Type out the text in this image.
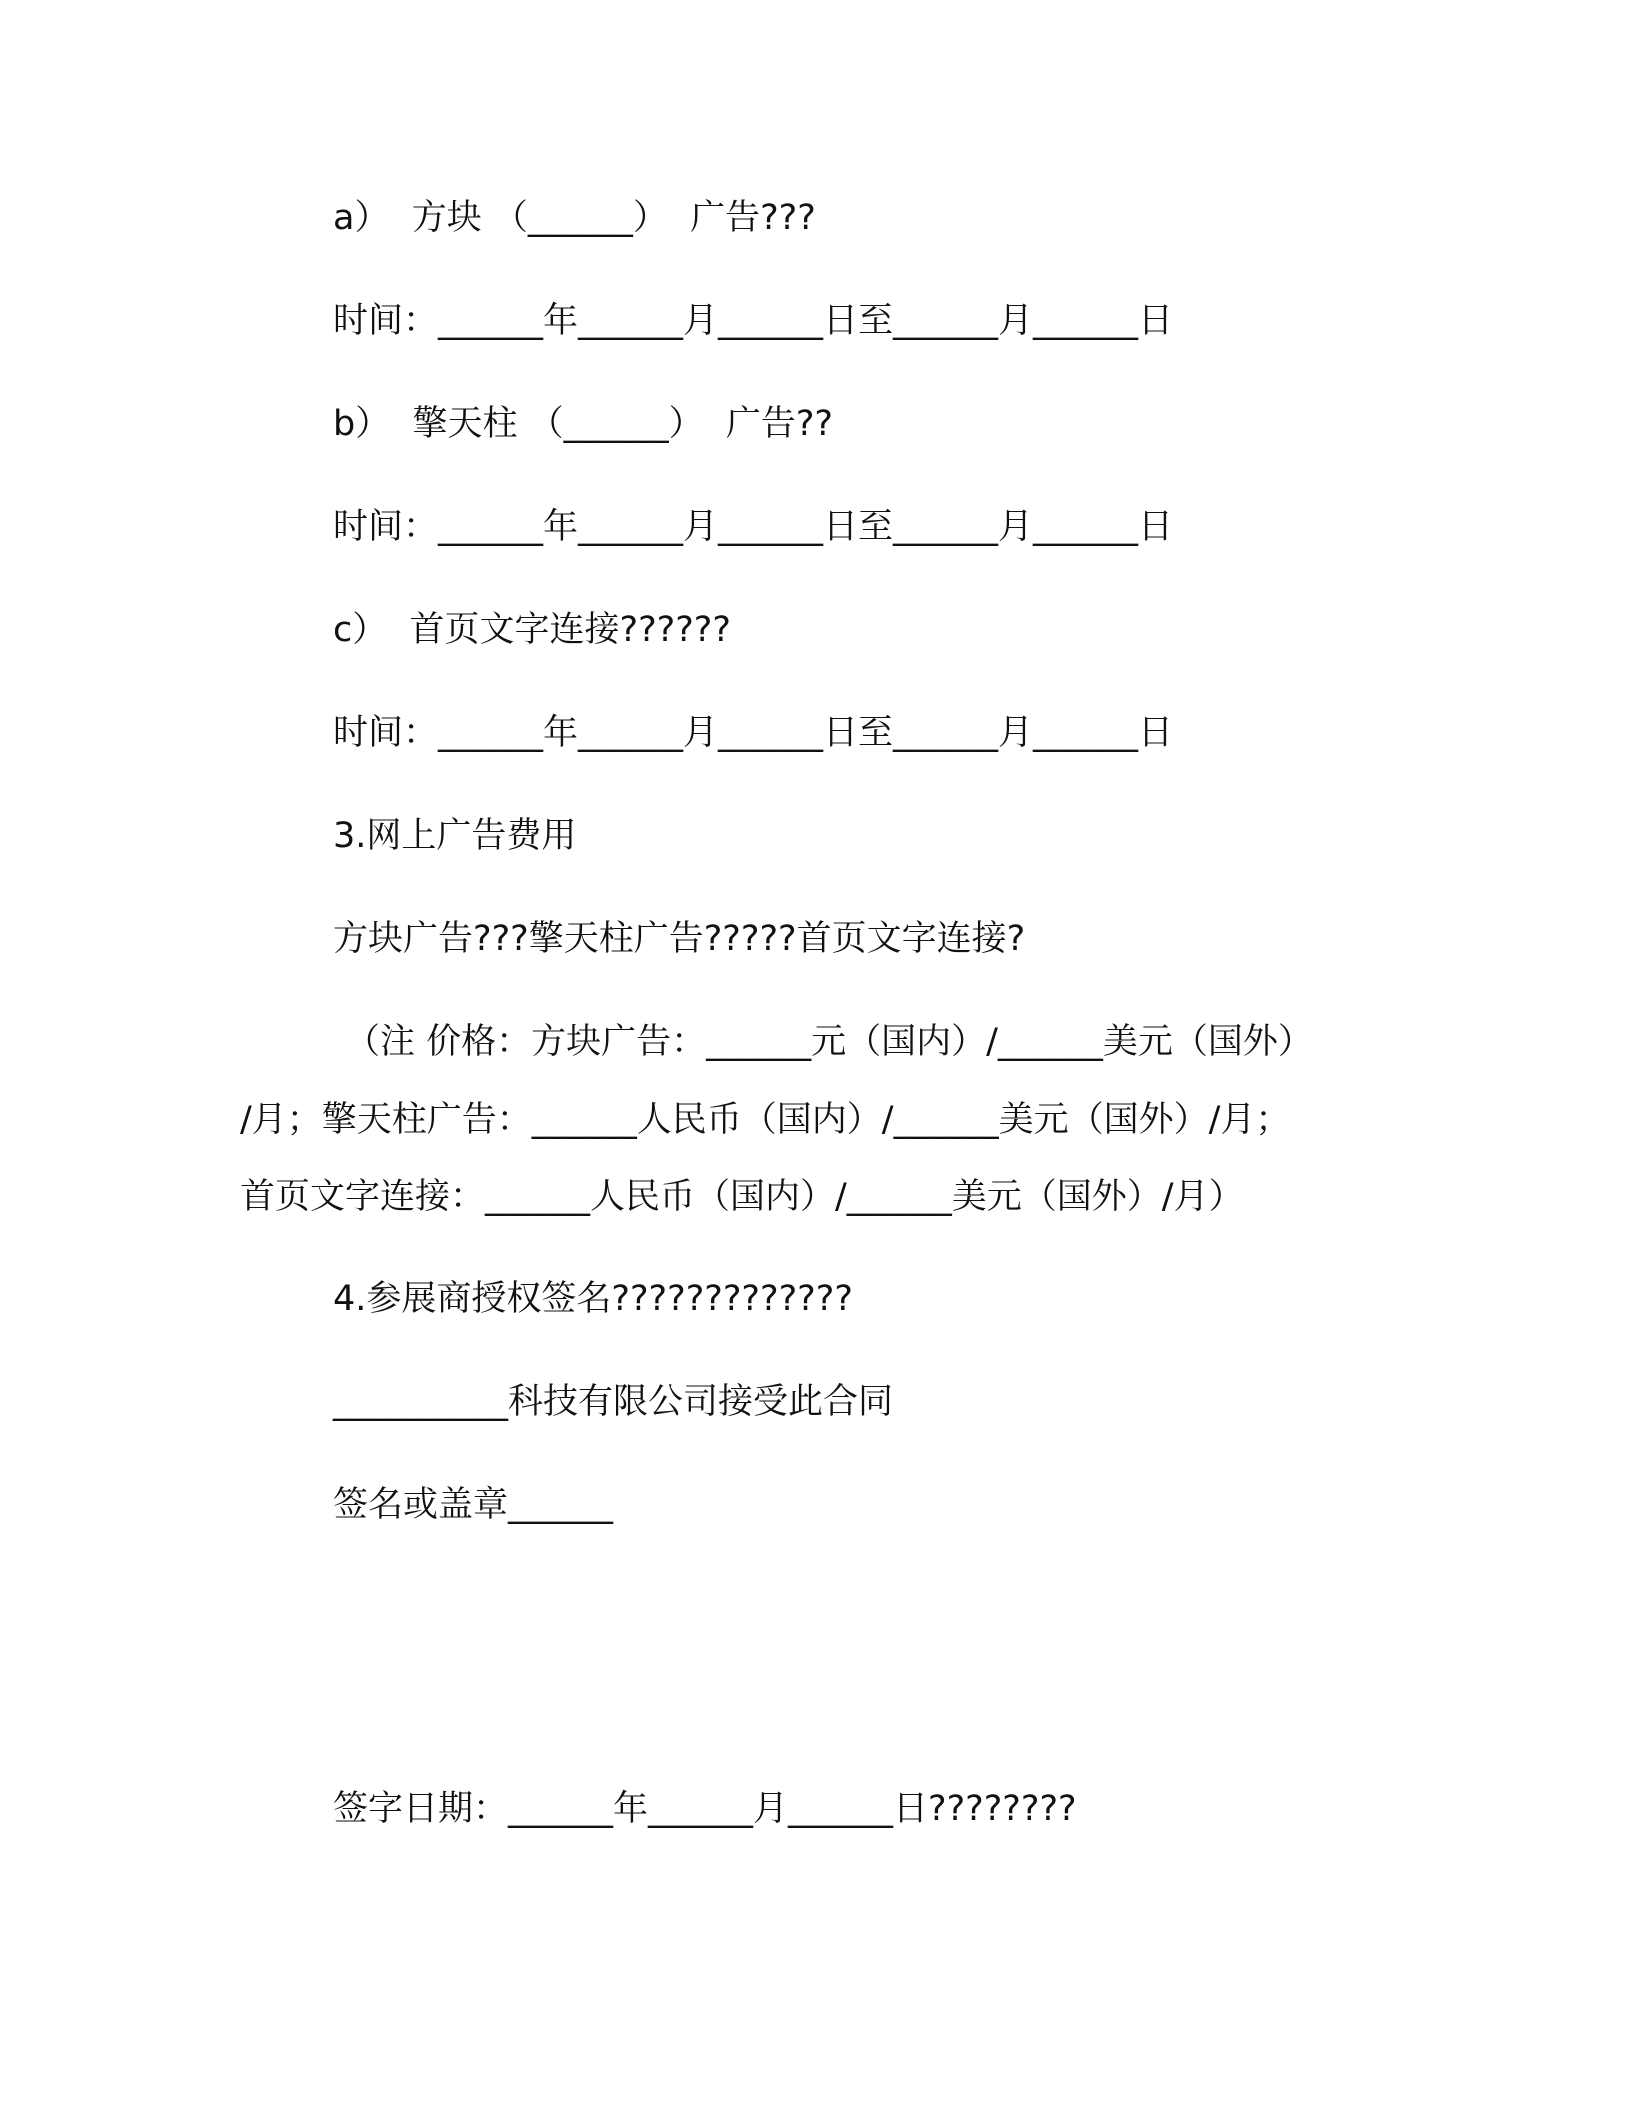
a）  方块 （______）  广告???
时间：______年______月______日至______月______日
b）  擎天柱 （______）  广告??
时间：______年______月______日至______月______日
c）  首页文字连接??????
时间：______年______月______日至______月______日
3.网上广告费用
方块广告???擎天柱广告?????首页文字连接?
（注 价格：方块广告：______元（国内）/______美元（国外）
/月；擎天柱广告：______人民币（国内）/______美元（国外）/月；
首页文字连接：______人民币（国内）/______美元（国外）/月）
4.参展商授权签名?????????????
__________科技有限公司接受此合同
签名或盖章______
签字日期：______年______月______日????????
